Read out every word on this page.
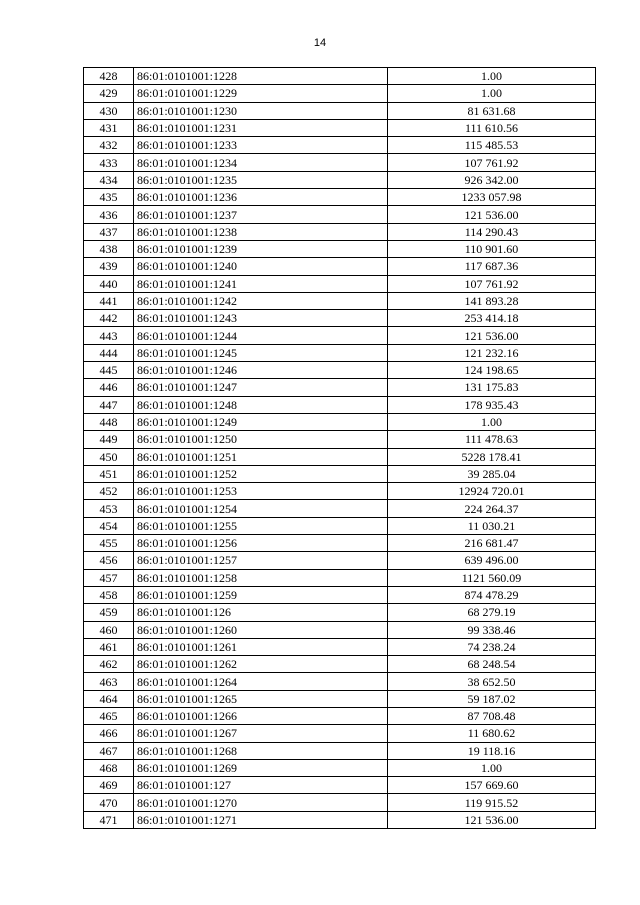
14
428	86:01:0101001:1228	1.00
429	86:01:0101001:1229	1.00
430	86:01:0101001:1230	81 631.68
431	86:01:0101001:1231	111 610.56
432	86:01:0101001:1233	115 485.53
433	86:01:0101001:1234	107 761.92
434	86:01:0101001:1235	926 342.00
435	86:01:0101001:1236	1233 057.98
436	86:01:0101001:1237	121 536.00
437	86:01:0101001:1238	114 290.43
438	86:01:0101001:1239	110 901.60
439	86:01:0101001:1240	117 687.36
440	86:01:0101001:1241	107 761.92
441	86:01:0101001:1242	141 893.28
442	86:01:0101001:1243	253 414.18
443	86:01:0101001:1244	121 536.00
444	86:01:0101001:1245	121 232.16
445	86:01:0101001:1246	124 198.65
446	86:01:0101001:1247	131 175.83
447	86:01:0101001:1248	178 935.43
448	86:01:0101001:1249	1.00
449	86:01:0101001:1250	111 478.63
450	86:01:0101001:1251	5228 178.41
451	86:01:0101001:1252	39 285.04
452	86:01:0101001:1253	12924 720.01
453	86:01:0101001:1254	224 264.37
454	86:01:0101001:1255	11 030.21
455	86:01:0101001:1256	216 681.47
456	86:01:0101001:1257	639 496.00
457	86:01:0101001:1258	1121 560.09
458	86:01:0101001:1259	874 478.29
459	86:01:0101001:126	68 279.19
460	86:01:0101001:1260	99 338.46
461	86:01:0101001:1261	74 238.24
462	86:01:0101001:1262	68 248.54
463	86:01:0101001:1264	38 652.50
464	86:01:0101001:1265	59 187.02
465	86:01:0101001:1266	87 708.48
466	86:01:0101001:1267	11 680.62
467	86:01:0101001:1268	19 118.16
468	86:01:0101001:1269	1.00
469	86:01:0101001:127	157 669.60
470	86:01:0101001:1270	119 915.52
471	86:01:0101001:1271	121 536.00
